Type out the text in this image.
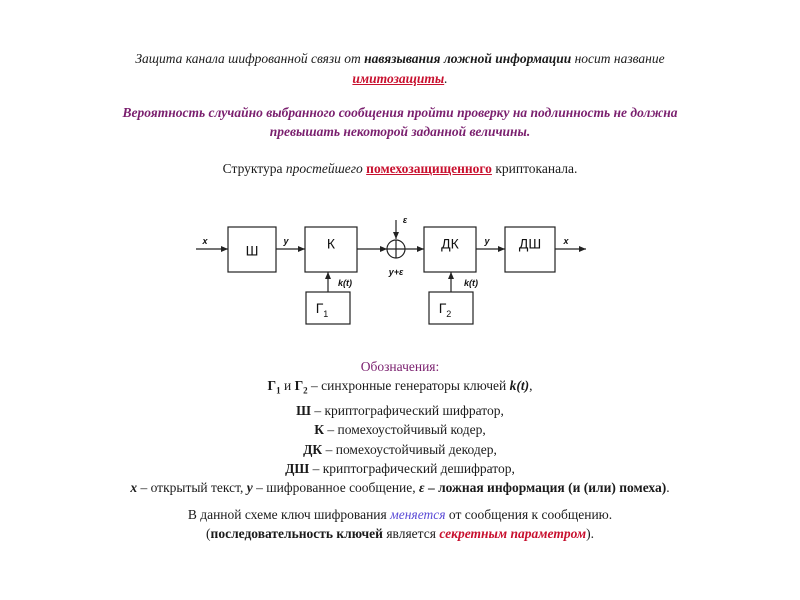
Защита канала шифрованной связи от навязывания ложной информации носит название
имитозащиты.
Вероятность случайно выбранного сообщения пройти проверку на подлинность не должна
превышать некоторой заданной величины.
Структура простейшего помехозащищенного криптоканала.
Ш	К	ДК	ДШ
$Г_1$	$Г_2$
x	y
k(t)
ε
y+ε
y
k(t)
x
Обозначения:
$Г_1$ и $Г_2$ – синхронные генераторы ключей k(t),
Ш – криптографический шифратор,
К – помехоустойчивый кодер,
ДК – помехоустойчивый декодер,
ДШ – криптографический дешифратор,
x – открытый текст, y – шифрованное сообщение, ε – ложная информация (и (или) помеха).
В данной схеме ключ шифрования меняется от сообщения к сообщению.
(последовательность ключей является секретным параметром).
